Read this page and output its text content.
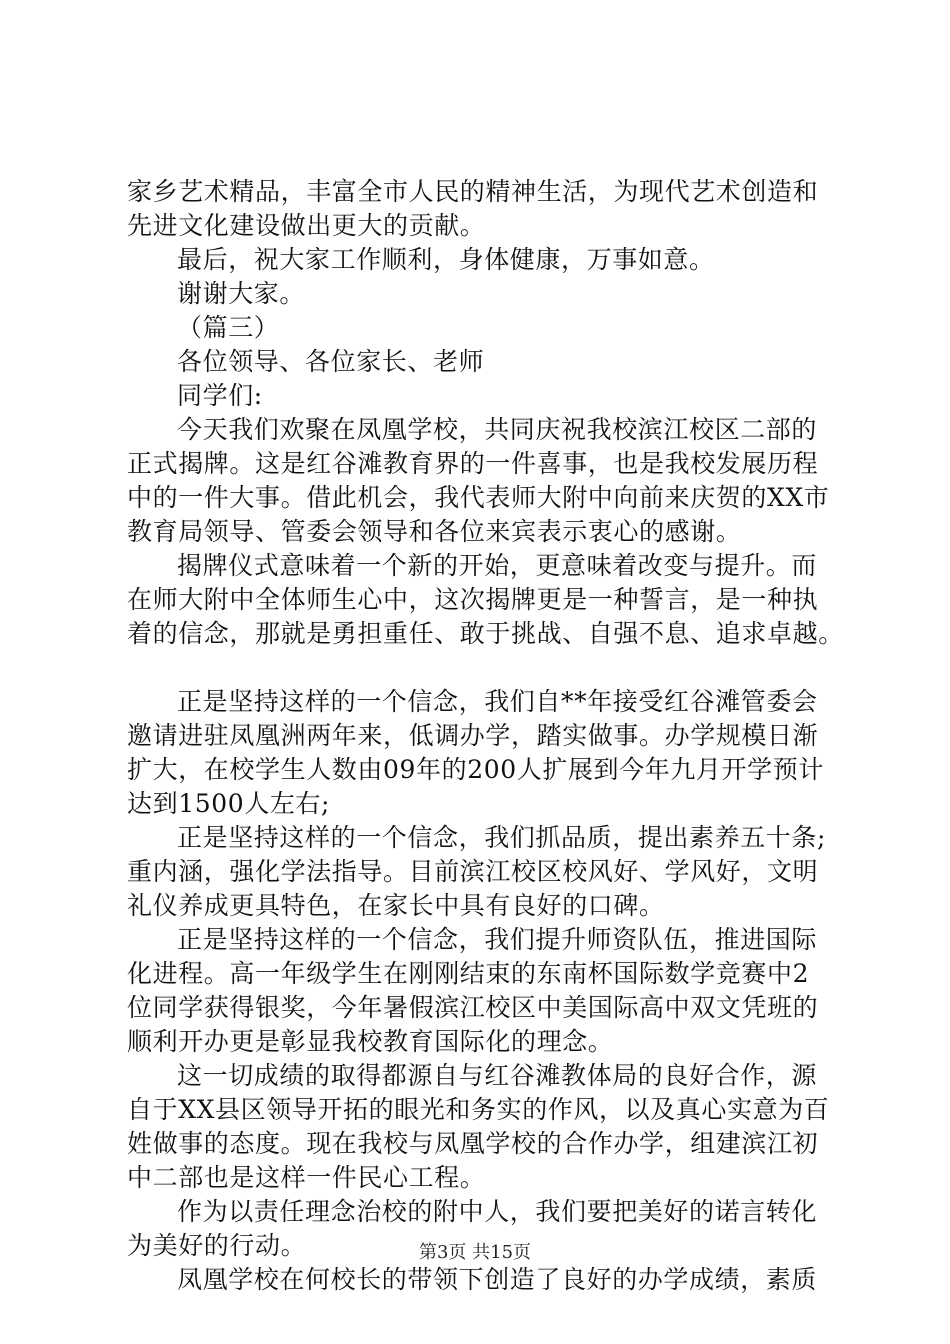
家乡艺术精品，丰富全市人民的精神生活，为现代艺术创造和
先进文化建设做出更大的贡献。
最后，祝大家工作顺利，身体健康，万事如意。
谢谢大家。
（篇三）
各位领导、各位家长、老师
同学们:
今天我们欢聚在凤凰学校，共同庆祝我校滨江校区二部的
正式揭牌。这是红谷滩教育界的一件喜事，也是我校发展历程
中的一件大事。借此机会，我代表师大附中向前来庆贺的XX市
教育局领导、管委会领导和各位来宾表示衷心的感谢。
揭牌仪式意味着一个新的开始，更意味着改变与提升。而
在师大附中全体师生心中，这次揭牌更是一种誓言，是一种执
着的信念，那就是勇担重任、敢于挑战、自强不息、追求卓越。
正是坚持这样的一个信念，我们自**年接受红谷滩管委会
邀请进驻凤凰洲两年来，低调办学，踏实做事。办学规模日渐
扩大，在校学生人数由09年的200人扩展到今年九月开学预计
达到1500人左右;
正是坚持这样的一个信念，我们抓品质，提出素养五十条;
重内涵，强化学法指导。目前滨江校区校风好、学风好，文明
礼仪养成更具特色，在家长中具有良好的口碑。
正是坚持这样的一个信念，我们提升师资队伍，推进国际
化进程。高一年级学生在刚刚结束的东南杯国际数学竞赛中2
位同学获得银奖，今年暑假滨江校区中美国际高中双文凭班的
顺利开办更是彰显我校教育国际化的理念。
这一切成绩的取得都源自与红谷滩教体局的良好合作，源
自于XX县区领导开拓的眼光和务实的作风，以及真心实意为百
姓做事的态度。现在我校与凤凰学校的合作办学，组建滨江初
中二部也是这样一件民心工程。
作为以责任理念治校的附中人，我们要把美好的诺言转化
为美好的行动。
凤凰学校在何校长的带领下创造了良好的办学成绩，素质
第3页 共15页
